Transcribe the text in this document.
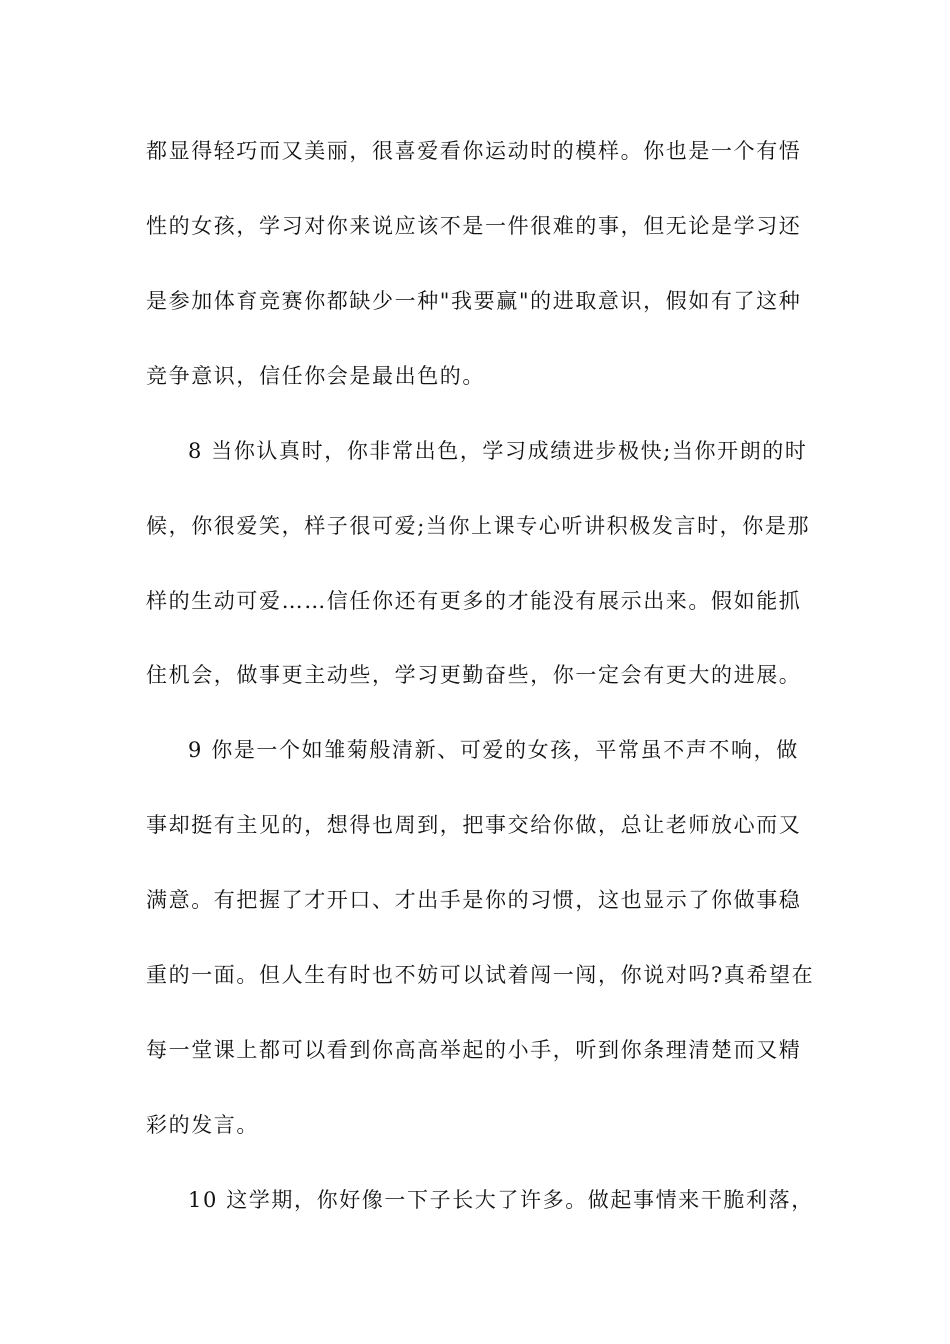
都显得轻巧而又美丽，很喜爱看你运动时的模样。你也是一个有悟
性的女孩，学习对你来说应该不是一件很难的事，但无论是学习还
是参加体育竞赛你都缺少一种"我要赢"的进取意识，假如有了这种
竞争意识，信任你会是最出色的。
8 当你认真时，你非常出色，学习成绩进步极快;当你开朗的时
候，你很爱笑，样子很可爱;当你上课专心听讲积极发言时，你是那
样的生动可爱……信任你还有更多的才能没有展示出来。假如能抓
住机会，做事更主动些，学习更勤奋些，你一定会有更大的进展。
9 你是一个如雏菊般清新、可爱的女孩，平常虽不声不响，做
事却挺有主见的，想得也周到，把事交给你做，总让老师放心而又
满意。有把握了才开口、才出手是你的习惯，这也显示了你做事稳
重的一面。但人生有时也不妨可以试着闯一闯，你说对吗?真希望在
每一堂课上都可以看到你高高举起的小手，听到你条理清楚而又精
彩的发言。
10 这学期，你好像一下子长大了许多。做起事情来干脆利落，
